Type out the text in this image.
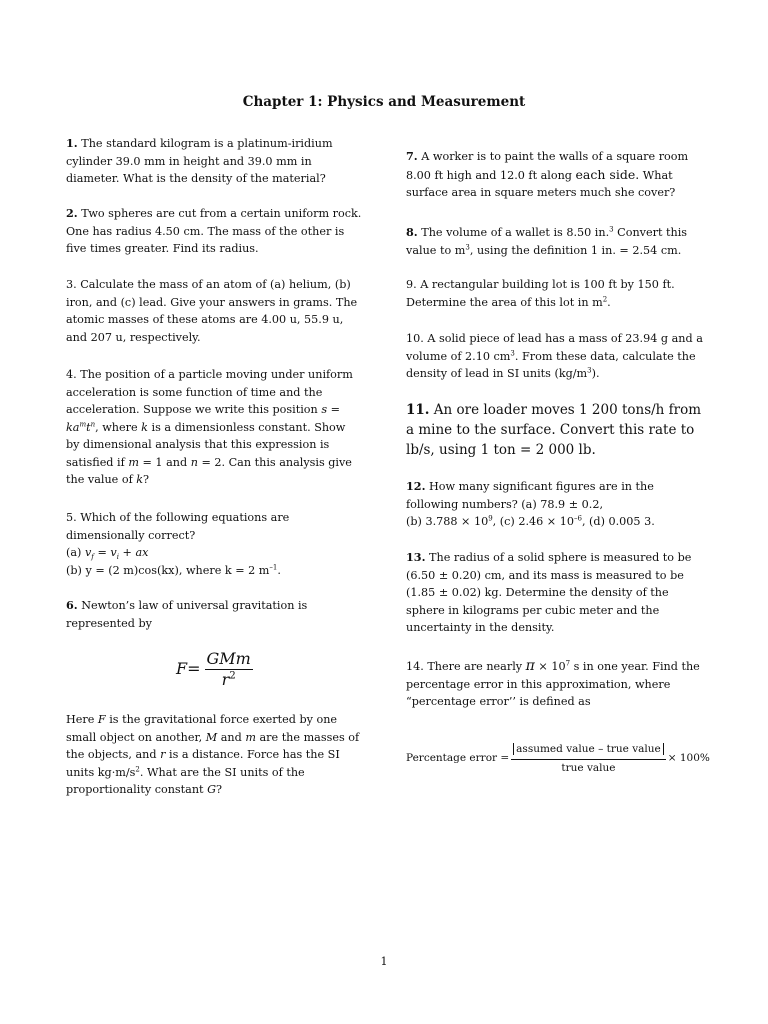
Chapter 1: Physics and Measurement

1. The standard kilogram is a platinum-iridium cylinder 39.0 mm in height and 39.0 mm in diameter. What is the density of the material?

2. Two spheres are cut from a certain uniform rock. One has radius 4.50 cm. The mass of the other is five times greater. Find its radius.

3. Calculate the mass of an atom of (a) helium, (b) iron, and (c) lead. Give your answers in grams. The atomic masses of these atoms are 4.00 u, 55.9 u, and 207 u, respectively.

4. The position of a particle moving under uniform acceleration is some function of time and the acceleration. Suppose we write this position $s = ka^mt^n$, where k is a dimensionless constant. Show by dimensional analysis that this expression is satisfied if m = 1 and n = 2. Can this analysis give the value of k?

5. Which of the following equations are dimensionally correct?

(a) $v_f = v_i$ + ax

(b) y = (2 m)cos(kx), where k = 2 $m^{-1}$.

6. Newton’s law of universal gravitation is represented by

$F = \frac{\text{GMm}}{r^2}$

Here F is the gravitational force exerted by one small object on another, M and m are the masses of the objects, and r is a distance. Force has the SI units $kg\cdot m/s^2$. What are the SI units of the proportionality constant G?

7. A worker is to paint the walls of a square room 8.00 ft high and 12.0 ft along each side. What surface area in square meters much she cover?

8. The volume of a wallet is 8.50 in.$^3$ Convert this value to $m^3$, using the definition 1 in. = 2.54 cm.

9. A rectangular building lot is 100 ft by 150 ft. Determine the area of this lot in $m^2$.

10. A solid piece of lead has a mass of 23.94 g and a volume of 2.10 $cm^3$. From these data, calculate the density of lead in SI units $(kg/m^3)$.

11. An ore loader moves 1 200 tons/h from a mine to the surface. Convert this rate to lb/s, using 1 ton = 2 000 lb.

12. How many significant figures are in the following numbers? (a) 78.9 ± 0.2,

(b) $3.788 \times 10^9$, (c) $2.46 \times 10^{-6}$, (d) 0.005 3.

13. The radius of a solid sphere is measured to be (6.50 ± 0.20) cm, and its mass is measured to be (1.85 ± 0.02) kg. Determine the density of the sphere in kilograms per cubic meter and the uncertainty in the density.

14. There are nearly $\pi \times 10^7$ s in one year. Find the percentage error in this approximation, where “percentage error’’ is defined as

Percentage error =
assumed value – true value
true value
× 100%
1
